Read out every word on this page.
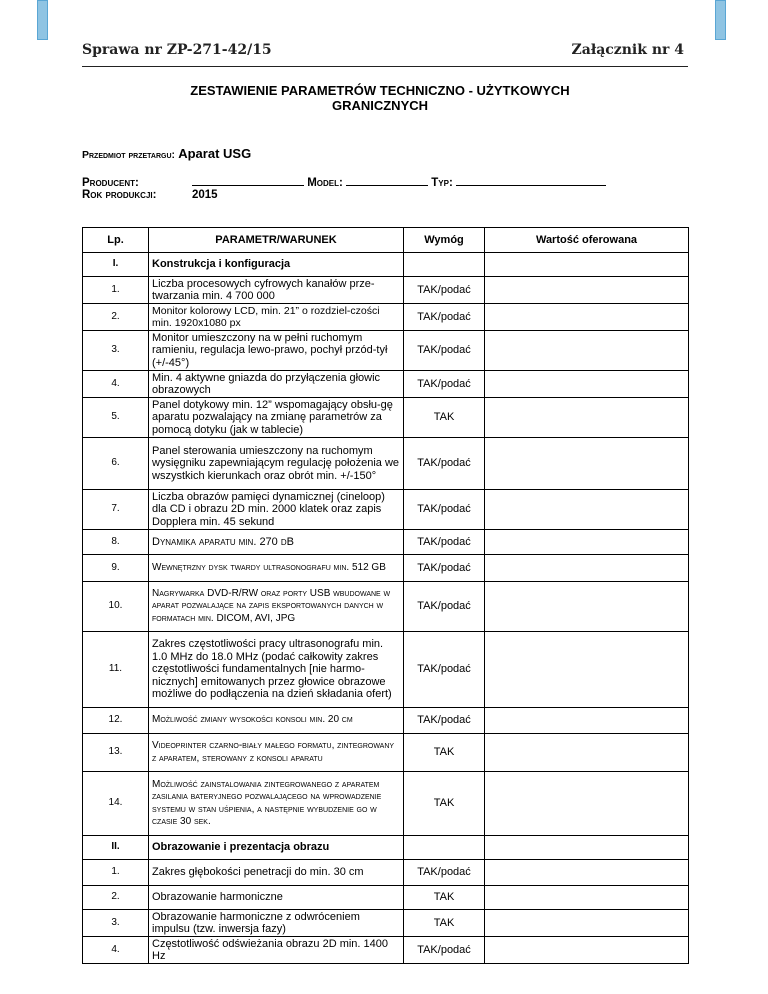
Sprawa nr ZP-271-42/15	Załącznik nr 4
ZESTAWIENIE PARAMETRÓW TECHNICZNO - UŻYTKOWYCH
GRANICZNYCH
Przedmiot przetargu: Aparat USG
Producent:	Model:	Typ:
Rok produkcji:	2015
Lp.	PARAMETR/WARUNEK	Wymóg	Wartość oferowana
I.	Konstrukcja i konfiguracja		
1.	Liczba procesowych cyfrowych kanałów prze-twarzania min. 4 700 000	TAK/podać	
2.	Monitor kolorowy LCD, min. 21” o rozdziel-czości min. 1920x1080 px	TAK/podać	
3.	Monitor umieszczony na w pełni ruchomym ramieniu, regulacja lewo-prawo, pochył przód-tył (+/-45°)	TAK/podać	
4.	Min. 4 aktywne gniazda do przyłączenia głowic obrazowych	TAK/podać	
5.	Panel dotykowy min. 12” wspomagający obsłu-gę aparatu pozwalający na zmianę parametrów za pomocą dotyku (jak w tablecie)	TAK	
6.	Panel sterowania umieszczony na ruchomym wysięgniku zapewniającym regulację położenia we wszystkich kierunkach oraz obrót min. +/-150°	TAK/podać	
7.	Liczba obrazów pamięci dynamicznej (cineloop) dla CD i obrazu 2D min. 2000 klatek oraz zapis Dopplera min. 45 sekund	TAK/podać	
8.	Dynamika aparatu min. 270 dB	TAK/podać	
9.	Wewnętrzny dysk twardy ultrasonografu min. 512 GB	TAK/podać	
10.	Nagrywarka DVD-R/RW oraz porty USB wbudowane w aparat pozwalające na zapis eksportowanych danych w formatach min. DICOM, AVI, JPG	TAK/podać	
11.	Zakres częstotliwości pracy ultrasonografu min. 1.0 MHz do 18.0 MHz (podać całkowity zakres częstotliwości fundamentalnych [nie harmo-nicznych] emitowanych przez głowice obrazowe możliwe do podłączenia na dzień składania ofert)	TAK/podać	
12.	Możliwość zmiany wysokości konsoli min. 20 cm	TAK/podać	
13.	Videoprinter czarno-biały małego formatu, zintegrowany z aparatem, sterowany z konsoli aparatu	TAK	
14.	Możliwość zainstalowania zintegrowanego z aparatem zasilania bateryjnego pozwalającego na wprowadzenie systemu w stan uśpienia, a następnie wybudzenie go w czasie 30 sek.	TAK	
II.	Obrazowanie i prezentacja obrazu		
1.	Zakres głębokości penetracji do min. 30 cm	TAK/podać	
2.	Obrazowanie harmoniczne	TAK	
3.	Obrazowanie harmoniczne z odwróceniem impulsu (tzw. inwersja fazy)	TAK	
4.	Częstotliwość odświeżania obrazu 2D min. 1400 Hz	TAK/podać	
